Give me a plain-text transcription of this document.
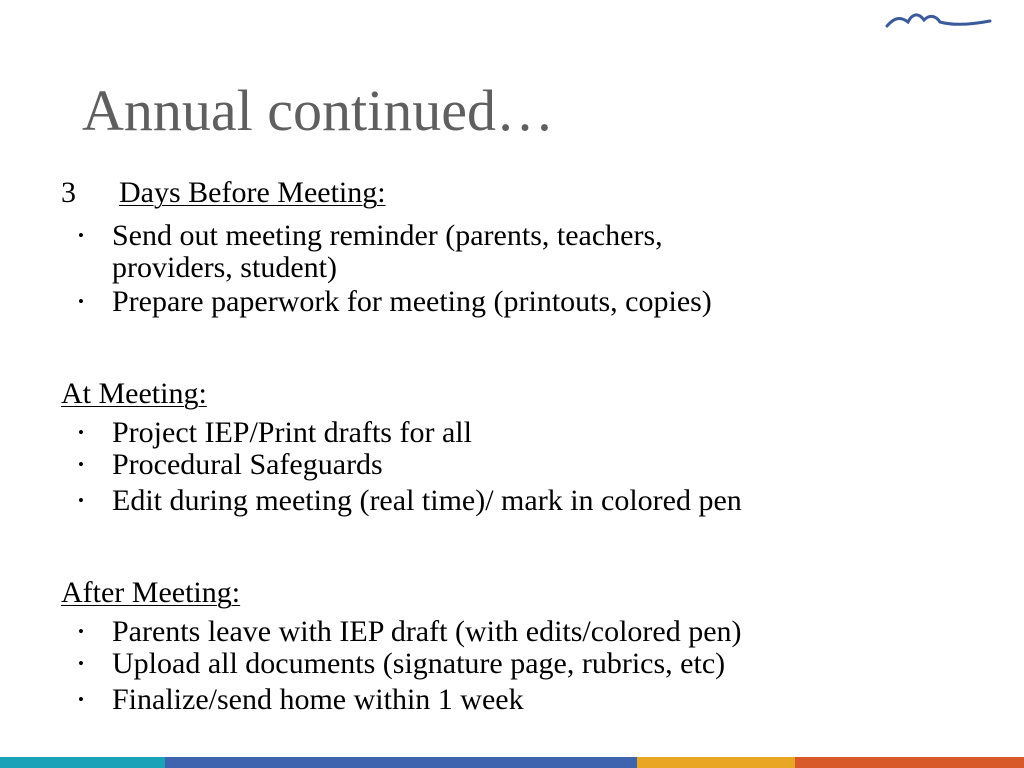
Annual continued…
3 Days Before Meeting:
• Send out meeting reminder (parents, teachers,
providers, student)
• Prepare paperwork for meeting (printouts, copies)
At Meeting:
• Project IEP/Print drafts for all
• Procedural Safeguards
• Edit during meeting (real time)/ mark in colored pen
After Meeting:
• Parents leave with IEP draft (with edits/colored pen)
• Upload all documents (signature page, rubrics, etc)
• Finalize/send home within 1 week
